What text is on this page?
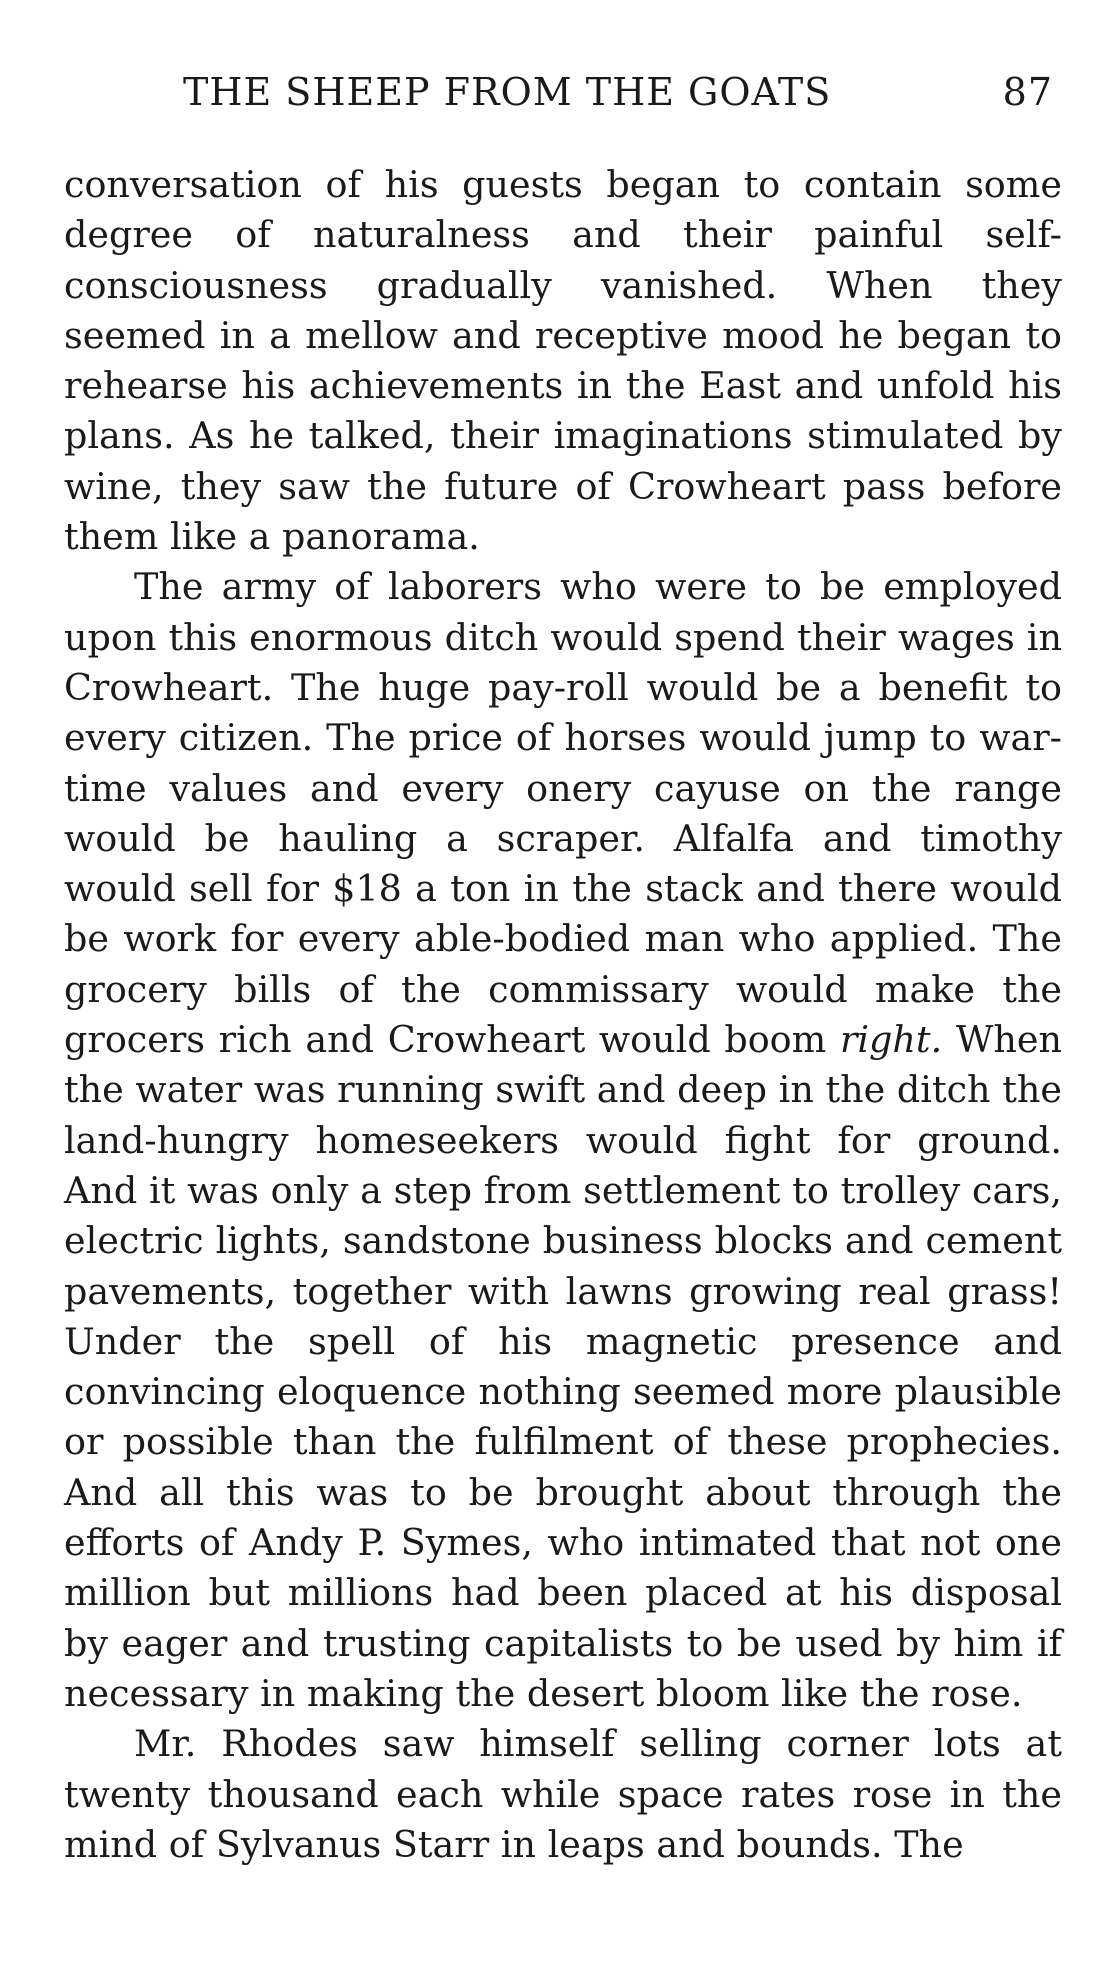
THE SHEEP FROM THE GOATS	87

conversation of his guests began to contain some degree of naturalness and their painful self-consciousness gradually vanished. When they seemed in a mellow and receptive mood he began to rehearse his achievements in the East and unfold his plans. As he talked, their imaginations stimulated by wine, they saw the future of Crowheart pass before them like a panorama.

The army of laborers who were to be employed upon this enormous ditch would spend their wages in Crowheart. The huge pay-roll would be a benefit to every citizen. The price of horses would jump to war-time values and every onery cayuse on the range would be hauling a scraper. Alfalfa and timothy would sell for $18 a ton in the stack and there would be work for every able-bodied man who applied. The grocery bills of the commissary would make the grocers rich and Crowheart would boom right. When the water was running swift and deep in the ditch the land-hungry homeseekers would fight for ground. And it was only a step from settlement to trolley cars, electric lights, sandstone business blocks and cement pavements, together with lawns growing real grass! Under the spell of his magnetic presence and convincing eloquence nothing seemed more plausible or possible than the fulfilment of these prophecies. And all this was to be brought about through the efforts of Andy P. Symes, who intimated that not one million but millions had been placed at his disposal by eager and trusting capitalists to be used by him if necessary in making the desert bloom like the rose.

Mr. Rhodes saw himself selling corner lots at twenty thousand each while space rates rose in the mind of Sylvanus Starr in leaps and bounds. The
